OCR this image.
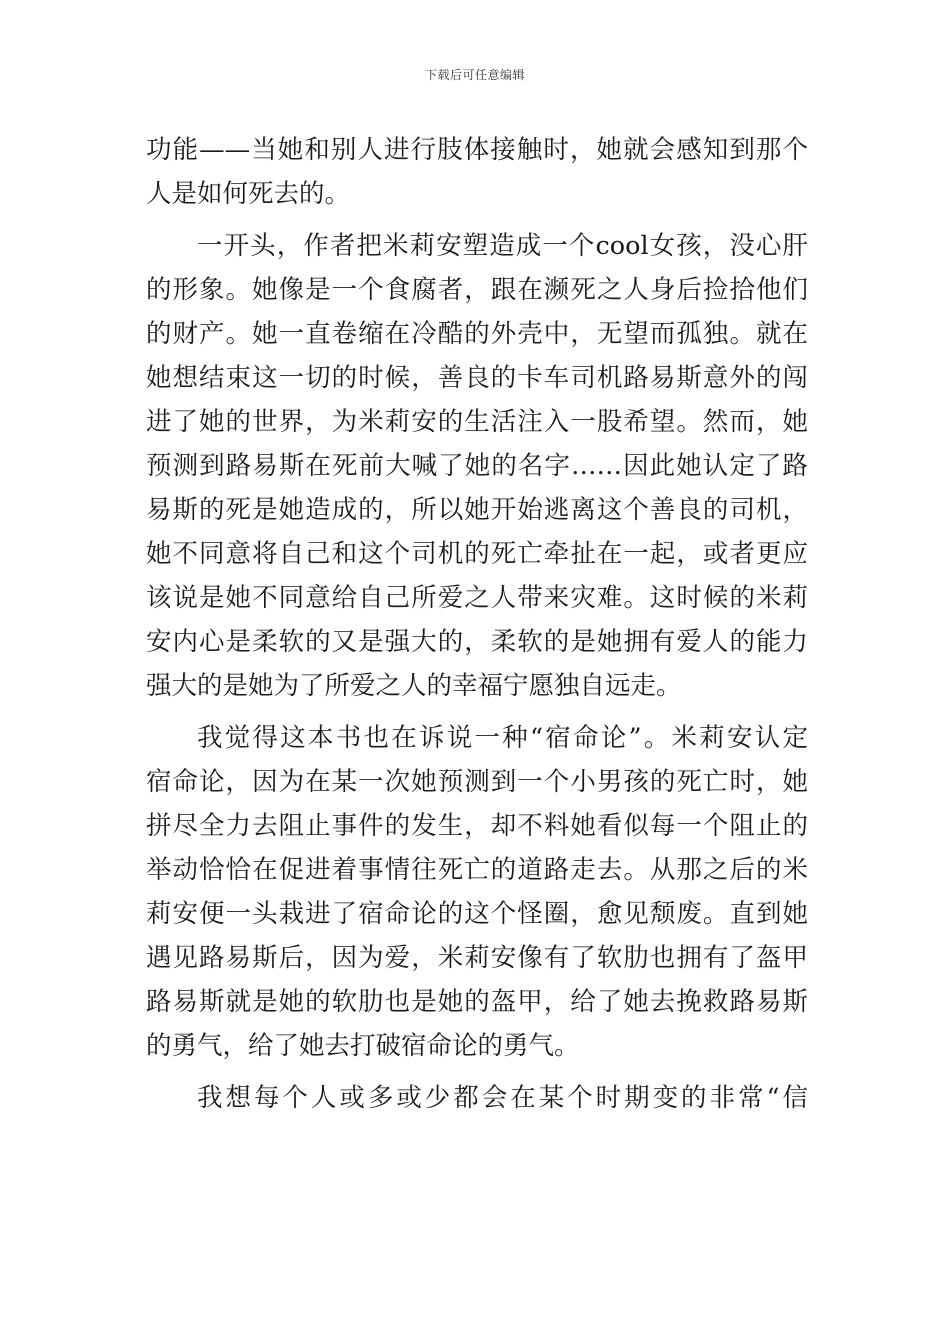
下载后可任意编辑
功能——当她和别人进行肢体接触时，她就会感知到那个
人是如何死去的。
一开头，作者把米莉安塑造成一个cool女孩，没心肝
的形象。她像是一个食腐者，跟在濒死之人身后捡拾他们
的财产。她一直卷缩在冷酷的外壳中，无望而孤独。就在
她想结束这一切的时候，善良的卡车司机路易斯意外的闯
进了她的世界，为米莉安的生活注入一股希望。然而，她
预测到路易斯在死前大喊了她的名字……因此她认定了路
易斯的死是她造成的，所以她开始逃离这个善良的司机，
她不同意将自己和这个司机的死亡牵扯在一起，或者更应
该说是她不同意给自己所爱之人带来灾难。这时候的米莉
安内心是柔软的又是强大的，柔软的是她拥有爱人的能力
强大的是她为了所爱之人的幸福宁愿独自远走。
我觉得这本书也在诉说一种“宿命论”。米莉安认定
宿命论，因为在某一次她预测到一个小男孩的死亡时，她
拼尽全力去阻止事件的发生，却不料她看似每一个阻止的
举动恰恰在促进着事情往死亡的道路走去。从那之后的米
莉安便一头栽进了宿命论的这个怪圈，愈见颓废。直到她
遇见路易斯后，因为爱，米莉安像有了软肋也拥有了盔甲
路易斯就是她的软肋也是她的盔甲，给了她去挽救路易斯
的勇气，给了她去打破宿命论的勇气。
我想每个人或多或少都会在某个时期变的非常“信
